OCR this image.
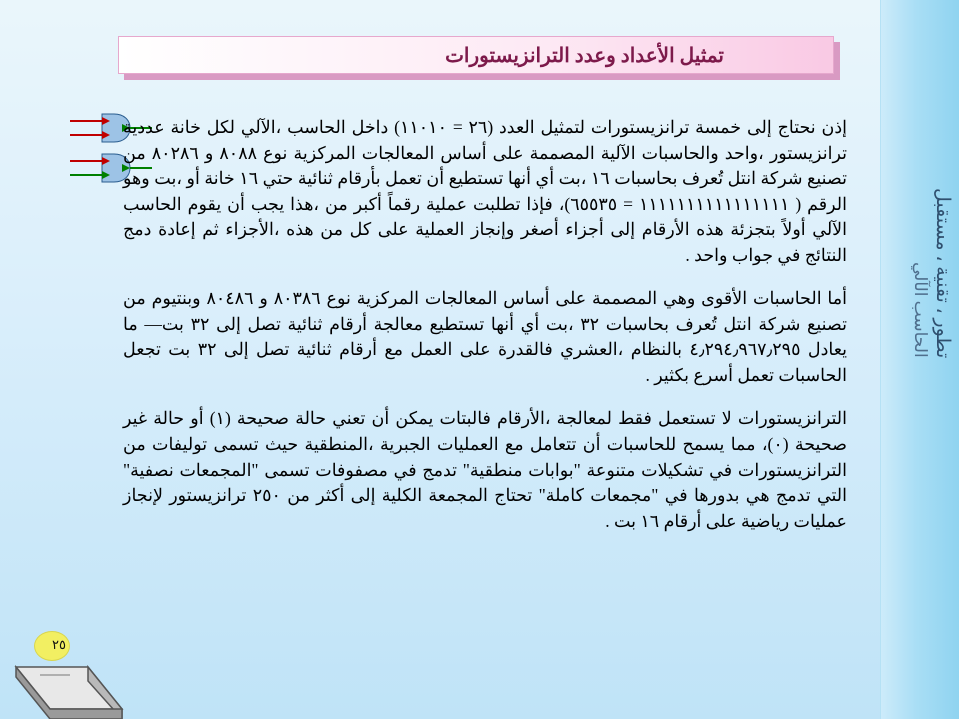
تطور ، تقنية ، مستقبل
الحاسب الآلي
تمثيل الأعداد وعدد الترانزيستورات

إذن نحتاج إلى خمسة ترانزيستورات لتمثيل العدد (٢٦ = ١١٠١٠) داخل الحاسب ،الآلي لكل خانة عددية ترانزيستور ،واحد والحاسبات الآلية المصممة على أساس المعالجات المركزية نوع ٨٠٨٨ و ٨٠٢٨٦ من تصنيع شركة انتل تُعرف بحاسبات ١٦ ،بت أي أنها تستطيع أن تعمل بأرقام ثنائية حتي ١٦ خانة أو ،بت وهو الرقم ( ١١١١١١١١١١١١١١١١ = ٦٥٥٣٥)، فإذا تطلبت عملية رقماً أكبر من ،هذا يجب أن يقوم الحاسب الآلي أولاً بتجزئة هذه الأرقام إلى أجزاء أصغر وإنجاز العملية على كل من هذه ،الأجزاء ثم إعادة دمج النتائج في جواب واحد .

أما الحاسبات الأقوى وهي المصممة على أساس المعالجات المركزية نوع ٨٠٣٨٦ و ٨٠٤٨٦ وبنتيوم من تصنيع شركة انتل تُعرف بحاسبات ٣٢ ،بت أي أنها تستطيع معالجة أرقام ثنائية تصل إلى ٣٢ بت— ما يعادل ٤٫٢٩٤٫٩٦٧٫٢٩٥ بالنظام ،العشري فالقدرة على العمل مع أرقام ثنائية تصل إلى ٣٢ بت تجعل الحاسبات تعمل أسرع بكثير .

الترانزيستورات لا تستعمل فقط لمعالجة ،الأرقام فالبتات يمكن أن تعني حالة صحيحة (١) أو حالة غير صحيحة (٠)، مما يسمح للحاسبات أن تتعامل مع العمليات الجبرية ،المنطقية حيث تسمى توليفات من الترانزيستورات في تشكيلات متنوعة "بوابات منطقية" تدمج في مصفوفات تسمى "المجمعات نصفية" التي تدمج هي بدورها في "مجمعات كاملة" تحتاج المجمعة الكلية إلى أكثر من ٢٥٠ ترانزيستور لإنجاز عمليات رياضية على أرقام ١٦ بت .

٢٥
